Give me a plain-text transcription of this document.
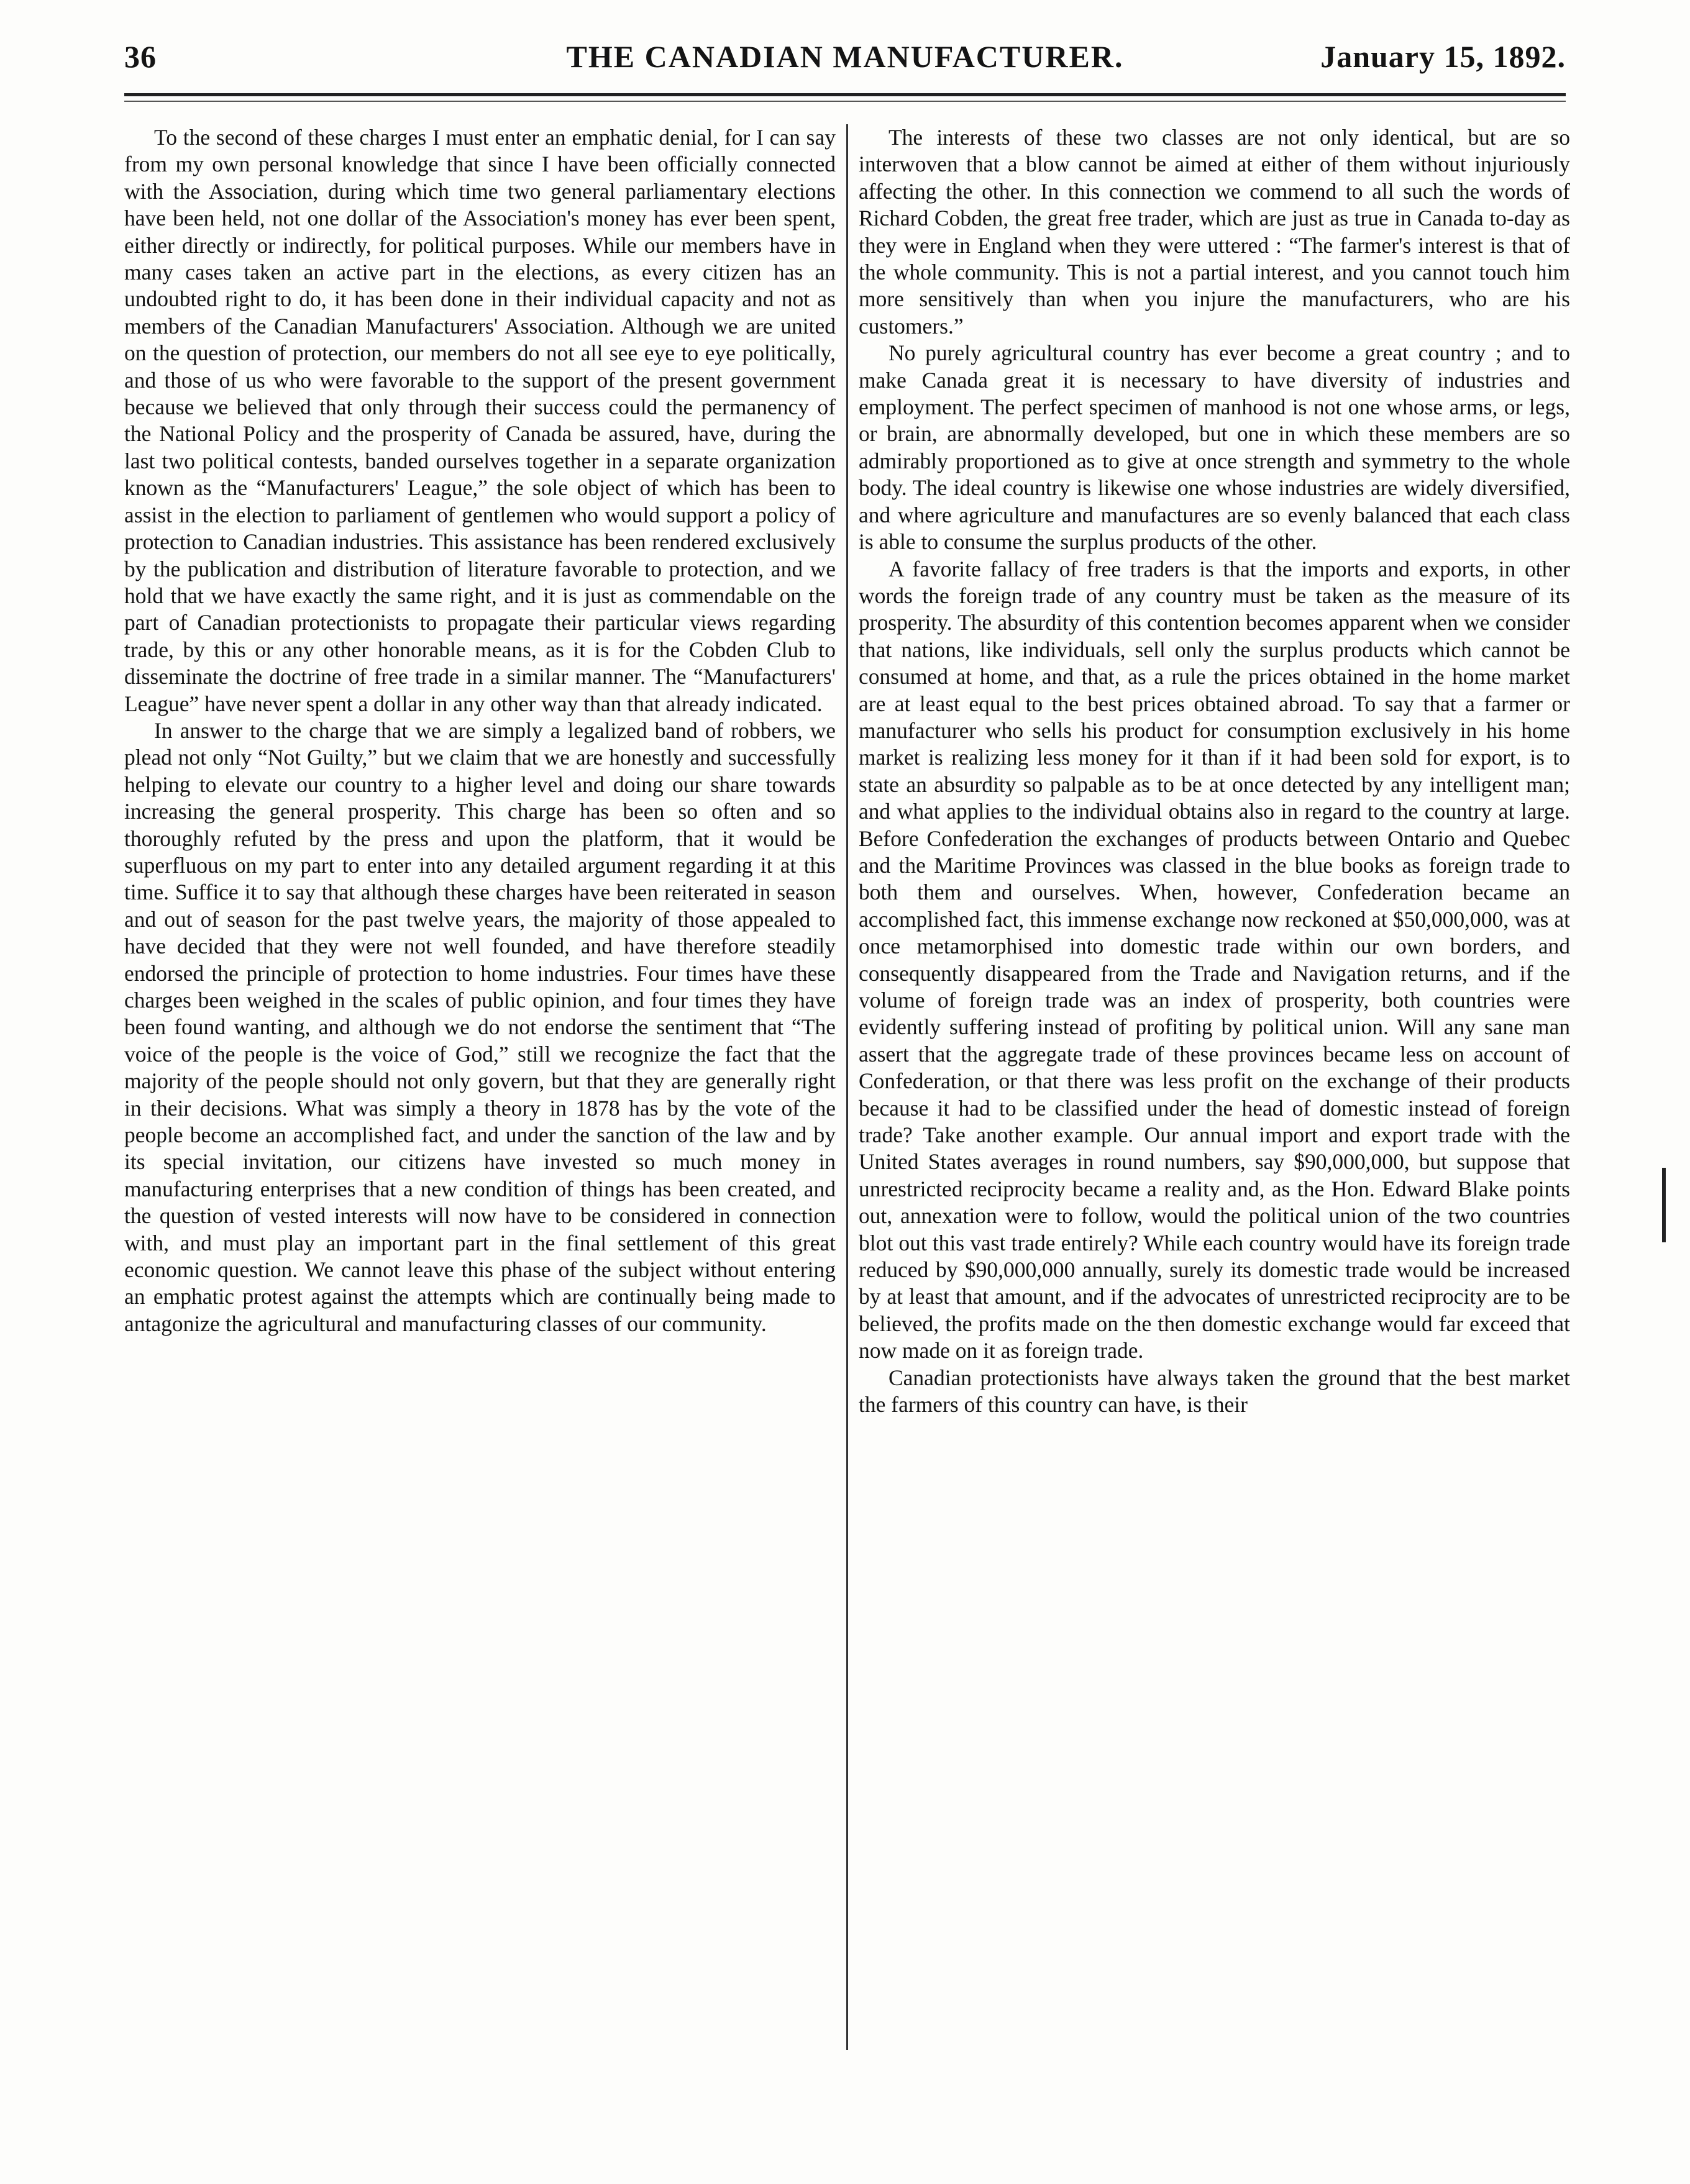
36	THE CANADIAN MANUFACTURER.	January 15, 1892.

To the second of these charges I must enter an emphatic denial, for I can say from my own personal knowledge that since I have been officially connected with the Association, during which time two general parliamentary elections have been held, not one dollar of the Association's money has ever been spent, either directly or indirectly, for political purposes. While our members have in many cases taken an active part in the elections, as every citizen has an undoubted right to do, it has been done in their individual capacity and not as members of the Canadian Manufacturers' Association. Although we are united on the question of protection, our members do not all see eye to eye politically, and those of us who were favorable to the support of the present government because we believed that only through their success could the permanency of the National Policy and the prosperity of Canada be assured, have, during the last two political contests, banded ourselves together in a separate organization known as the “Manufacturers' League,” the sole object of which has been to assist in the election to parliament of gentlemen who would support a policy of protection to Canadian industries. This assistance has been rendered exclusively by the publication and distribution of literature favorable to protection, and we hold that we have exactly the same right, and it is just as commendable on the part of Canadian protectionists to propagate their particular views regarding trade, by this or any other honorable means, as it is for the Cobden Club to disseminate the doctrine of free trade in a similar manner. The “Manufacturers' League” have never spent a dollar in any other way than that already indicated.

In answer to the charge that we are simply a legalized band of robbers, we plead not only “Not Guilty,” but we claim that we are honestly and successfully helping to elevate our country to a higher level and doing our share towards increasing the general prosperity. This charge has been so often and so thoroughly refuted by the press and upon the platform, that it would be superfluous on my part to enter into any detailed argument regarding it at this time. Suffice it to say that although these charges have been reiterated in season and out of season for the past twelve years, the majority of those appealed to have decided that they were not well founded, and have therefore steadily endorsed the principle of protection to home industries. Four times have these charges been weighed in the scales of public opinion, and four times they have been found wanting, and although we do not endorse the sentiment that “The voice of the people is the voice of God,” still we recognize the fact that the majority of the people should not only govern, but that they are generally right in their decisions. What was simply a theory in 1878 has by the vote of the people become an accomplished fact, and under the sanction of the law and by its special invitation, our citizens have invested so much money in manufacturing enterprises that a new condition of things has been created, and the question of vested interests will now have to be considered in connection with, and must play an important part in the final settlement of this great economic question. We cannot leave this phase of the subject without entering an emphatic protest against the attempts which are continually being made to antagonize the agricultural and manufacturing classes of our community.

The interests of these two classes are not only identical, but are so interwoven that a blow cannot be aimed at either of them without injuriously affecting the other. In this connection we commend to all such the words of Richard Cobden, the great free trader, which are just as true in Canada to-day as they were in England when they were uttered : “The farmer's interest is that of the whole community. This is not a partial interest, and you cannot touch him more sensitively than when you injure the manufacturers, who are his customers.”

No purely agricultural country has ever become a great country ; and to make Canada great it is necessary to have diversity of industries and employment. The perfect specimen of manhood is not one whose arms, or legs, or brain, are abnormally developed, but one in which these members are so admirably proportioned as to give at once strength and symmetry to the whole body. The ideal country is likewise one whose industries are widely diversified, and where agriculture and manufactures are so evenly balanced that each class is able to consume the surplus products of the other.

A favorite fallacy of free traders is that the imports and exports, in other words the foreign trade of any country must be taken as the measure of its prosperity. The absurdity of this contention becomes apparent when we consider that nations, like individuals, sell only the surplus products which cannot be consumed at home, and that, as a rule the prices obtained in the home market are at least equal to the best prices obtained abroad. To say that a farmer or manufacturer who sells his product for consumption exclusively in his home market is realizing less money for it than if it had been sold for export, is to state an absurdity so palpable as to be at once detected by any intelligent man; and what applies to the individual obtains also in regard to the country at large. Before Confederation the exchanges of products between Ontario and Quebec and the Maritime Provinces was classed in the blue books as foreign trade to both them and ourselves. When, however, Confederation became an accomplished fact, this immense exchange now reckoned at $50,000,000, was at once metamorphised into domestic trade within our own borders, and consequently disappeared from the Trade and Navigation returns, and if the volume of foreign trade was an index of prosperity, both countries were evidently suffering instead of profiting by political union. Will any sane man assert that the aggregate trade of these provinces became less on account of Confederation, or that there was less profit on the exchange of their products because it had to be classified under the head of domestic instead of foreign trade? Take another example. Our annual import and export trade with the United States averages in round numbers, say $90,000,000, but suppose that unrestricted reciprocity became a reality and, as the Hon. Edward Blake points out, annexation were to follow, would the political union of the two countries blot out this vast trade entirely? While each country would have its foreign trade reduced by $90,000,000 annually, surely its domestic trade would be increased by at least that amount, and if the advocates of unrestricted reciprocity are to be believed, the profits made on the then domestic exchange would far exceed that now made on it as foreign trade.

Canadian protectionists have always taken the ground that the best market the farmers of this country can have, is their
